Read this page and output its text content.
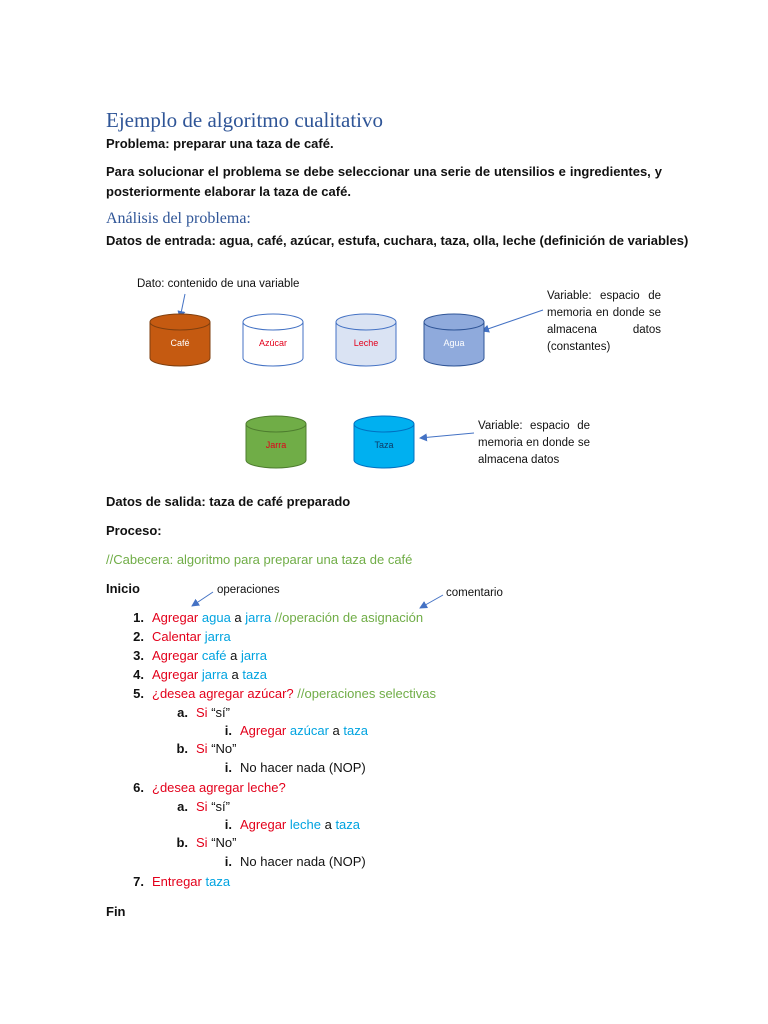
Ejemplo de algoritmo cualitativo
Problema: preparar una taza de café.
Para solucionar el problema se debe seleccionar una serie de utensilios e ingredientes, y
posteriormente elaborar la taza de café.
Análisis del problema:
Datos de entrada: agua, café, azúcar, estufa, cuchara, taza, olla, leche (definición de variables)
Dato: contenido de una variable
Café	Azúcar	Leche	Agua
Jarra	Taza
Variable: espacio de memoria en donde se almacena datos (constantes)
Variable: espacio de memoria en donde se almacena datos
Datos de salida: taza de café preparado
Proceso:
//Cabecera: algoritmo para preparar una taza de café
Inicio	operaciones	comentario
1. Agregar agua a jarra //operación de asignación
2. Calentar jarra
3. Agregar café a jarra
4. Agregar jarra a taza
5. ¿desea agregar azúcar? //operaciones selectivas
a. Si “sí”
i. Agregar azúcar a taza
b. Si “No”
i. No hacer nada (NOP)
6. ¿desea agregar leche?
a. Si “sí”
i. Agregar leche a taza
b. Si “No”
i. No hacer nada (NOP)
7. Entregar taza
Fin
